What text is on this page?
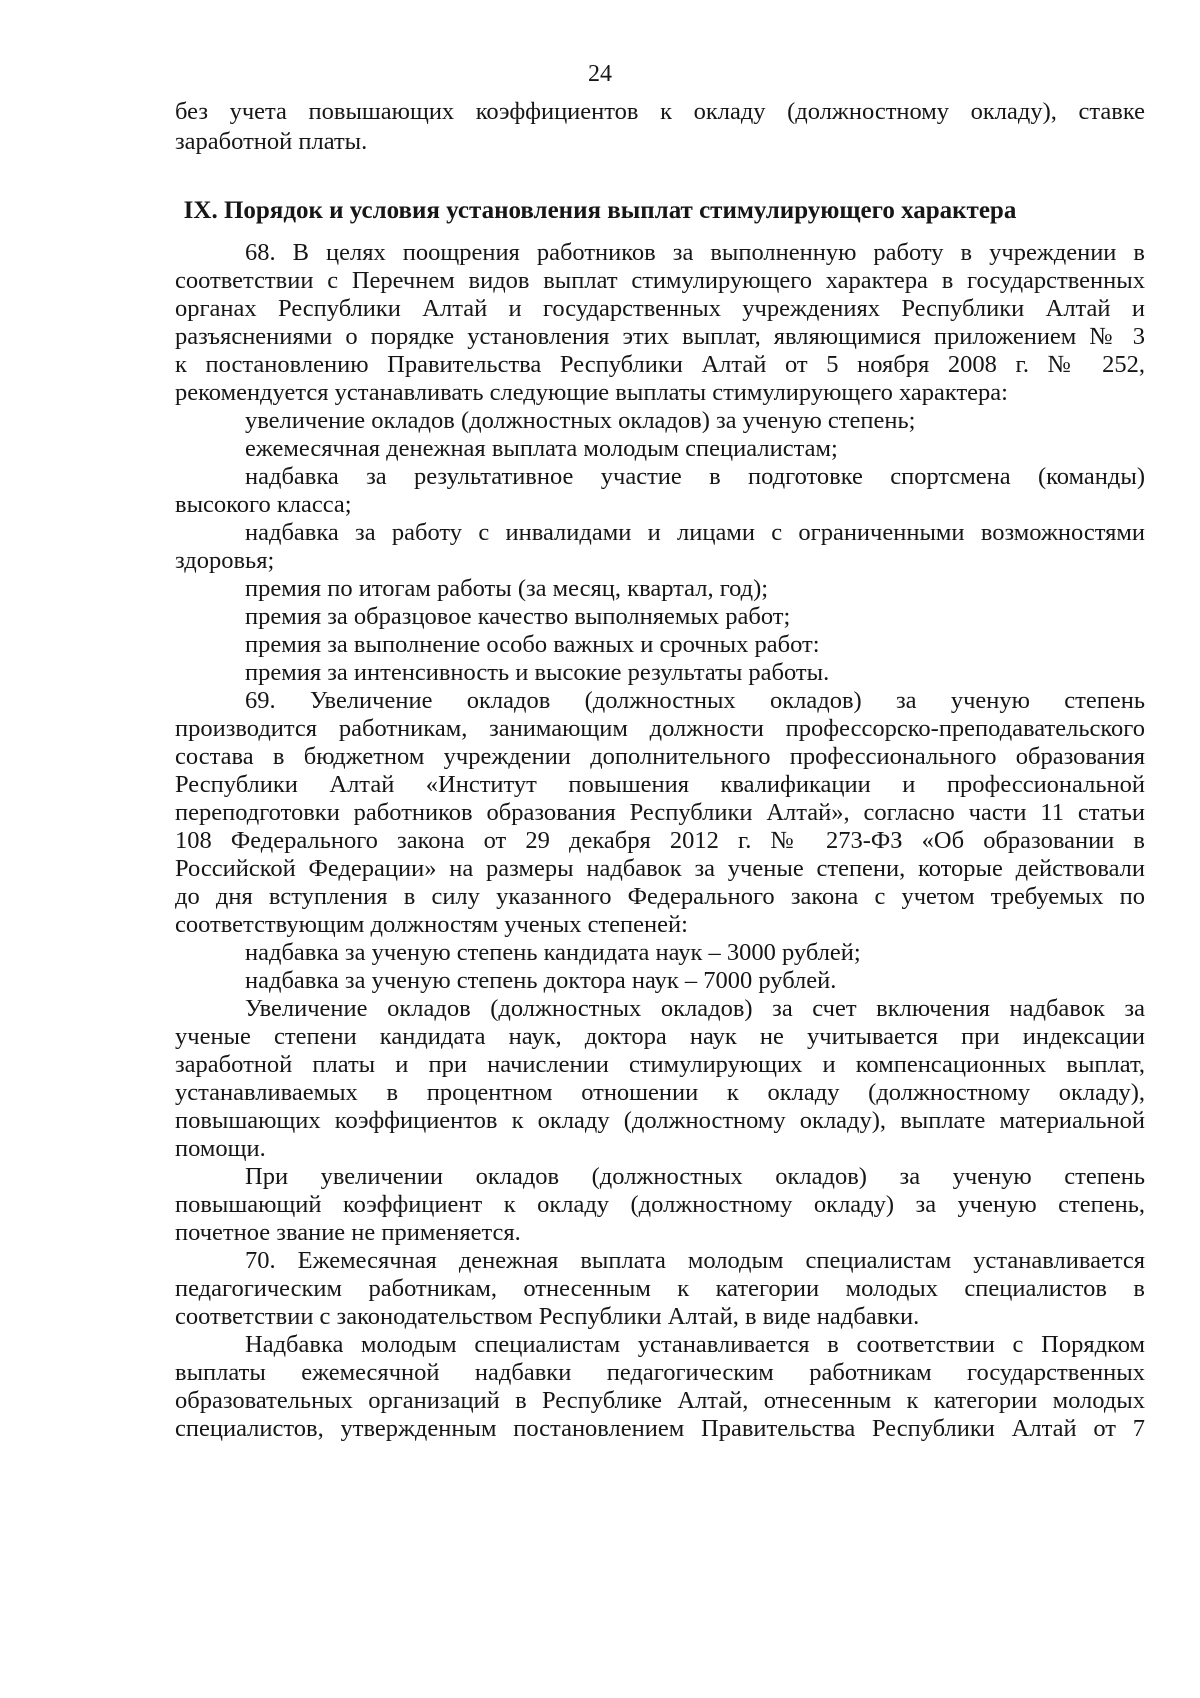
24
без учета повышающих коэффициентов к окладу (должностному окладу), ставке
заработной платы.
IX. Порядок и условия установления выплат стимулирующего характера
68. В целях поощрения работников за выполненную работу в учреждении в
соответствии с Перечнем видов выплат стимулирующего характера в государственных
органах Республики Алтай и государственных учреждениях Республики Алтай и
разъяснениями о порядке установления этих выплат, являющимися приложением № 3
к постановлению Правительства Республики Алтай от 5 ноября 2008 г. № 252,
рекомендуется устанавливать следующие выплаты стимулирующего характера:
увеличение окладов (должностных окладов) за ученую степень;
ежемесячная денежная выплата молодым специалистам;
надбавка за результативное участие в подготовке спортсмена (команды)
высокого класса;
надбавка за работу с инвалидами и лицами с ограниченными возможностями
здоровья;
премия по итогам работы (за месяц, квартал, год);
премия за образцовое качество выполняемых работ;
премия за выполнение особо важных и срочных работ:
премия за интенсивность и высокие результаты работы.
69. Увеличение окладов (должностных окладов) за ученую степень
производится работникам, занимающим должности профессорско-преподавательского
состава в бюджетном учреждении дополнительного профессионального образования
Республики Алтай «Институт повышения квалификации и профессиональной
переподготовки работников образования Республики Алтай», согласно части 11 статьи
108 Федерального закона от 29 декабря 2012 г. № 273-ФЗ «Об образовании в
Российской Федерации» на размеры надбавок за ученые степени, которые действовали
до дня вступления в силу указанного Федерального закона с учетом требуемых по
соответствующим должностям ученых степеней:
надбавка за ученую степень кандидата наук – 3000 рублей;
надбавка за ученую степень доктора наук – 7000 рублей.
Увеличение окладов (должностных окладов) за счет включения надбавок за
ученые степени кандидата наук, доктора наук не учитывается при индексации
заработной платы и при начислении стимулирующих и компенсационных выплат,
устанавливаемых в процентном отношении к окладу (должностному окладу),
повышающих коэффициентов к окладу (должностному окладу), выплате материальной
помощи.
При увеличении окладов (должностных окладов) за ученую степень
повышающий коэффициент к окладу (должностному окладу) за ученую степень,
почетное звание не применяется.
70. Ежемесячная денежная выплата молодым специалистам устанавливается
педагогическим работникам, отнесенным к категории молодых специалистов в
соответствии с законодательством Республики Алтай, в виде надбавки.
Надбавка молодым специалистам устанавливается в соответствии с Порядком
выплаты ежемесячной надбавки педагогическим работникам государственных
образовательных организаций в Республике Алтай, отнесенным к категории молодых
специалистов, утвержденным постановлением Правительства Республики Алтай от 7
